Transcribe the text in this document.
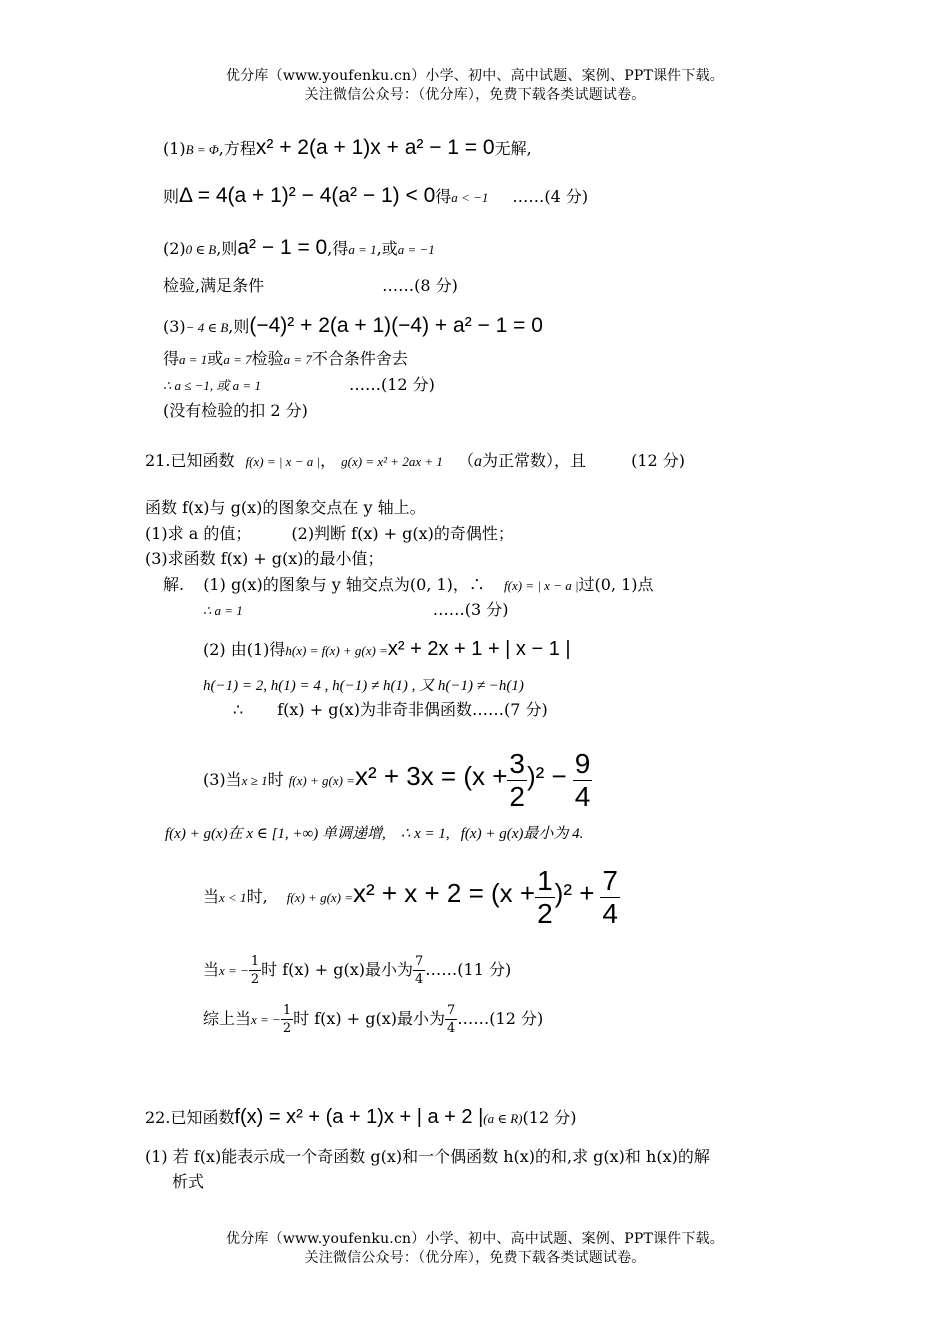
优分库（www.youfenku.cn）小学、初中、高中试题、案例、PPT课件下载。
关注微信公众号：（优分库），免费下载各类试题试卷。
(1)B = Φ,方程x² + 2(a + 1)x + a² − 1 = 0无解,
则Δ = 4(a + 1)² − 4(a² − 1) < 0得a < −1 ……(4 分)
(2)0 ∈ B,则a² − 1 = 0,得a = 1,或a = −1
检验,满足条件	……(8 分)
(3)− 4 ∈ B,则(−4)² + 2(a + 1)(−4) + a² − 1 = 0
得a = 1或a = 7检验a = 7不合条件舍去
∴ a ≤ −1, 或 a = 1	……(12 分)
(没有检验的扣 2 分)
21.已知函数 f(x) = | x − a |， g(x) = x² + 2ax + 1 （a为正常数），且	(12 分)
函数 f(x)与 g(x)的图象交点在 y 轴上。
(1)求 a 的值；	(2)判断 f(x) + g(x)的奇偶性；
(3)求函数 f(x) + g(x)的最小值；
解. (1) g(x)的图象与 y 轴交点为(0, 1)，∴ f(x) = | x − a |过(0, 1)点
∴ a = 1	……(3 分)
(2) 由(1)得h(x) = f(x) + g(x) =x² + 2x + 1 + | x − 1 |
h(−1) = 2, h(1) = 4 , h(−1) ≠ h(1) , 又 h(−1) ≠ −h(1)
∴ f(x) + g(x)为非奇非偶函数……(7 分)
(3)当x ≥ 1时 $f(x) + g(x) =x^2 + 3x = (x + \frac{3}{2} )^2 - \frac{9}{4}$
f(x) + g(x)在 x ∈ [1, +∞) 单调递增, ∴ x = 1, f(x) + g(x)最小为 4.
当x < 1时, $f(x) + g(x) =x^2 + x + 2 = (x + \frac{1}{2} )^2 + \frac{7}{4}$
当x = − $\frac{1}{2}$ 时 f(x) + g(x)最小为 $\frac{7}{4}$ ……(11 分)
综上当x = − $\frac{1}{2}$ 时 f(x) + g(x)最小为 $\frac{7}{4}$ ……(12 分)
22.已知函数f(x) = x² + (a + 1)x + | a + 2 |(a ∈ R)(12 分)
(1) 若 f(x)能表示成一个奇函数 g(x)和一个偶函数 h(x)的和,求 g(x)和 h(x)的解
析式
优分库（www.youfenku.cn）小学、初中、高中试题、案例、PPT课件下载。
关注微信公众号：（优分库），免费下载各类试题试卷。
